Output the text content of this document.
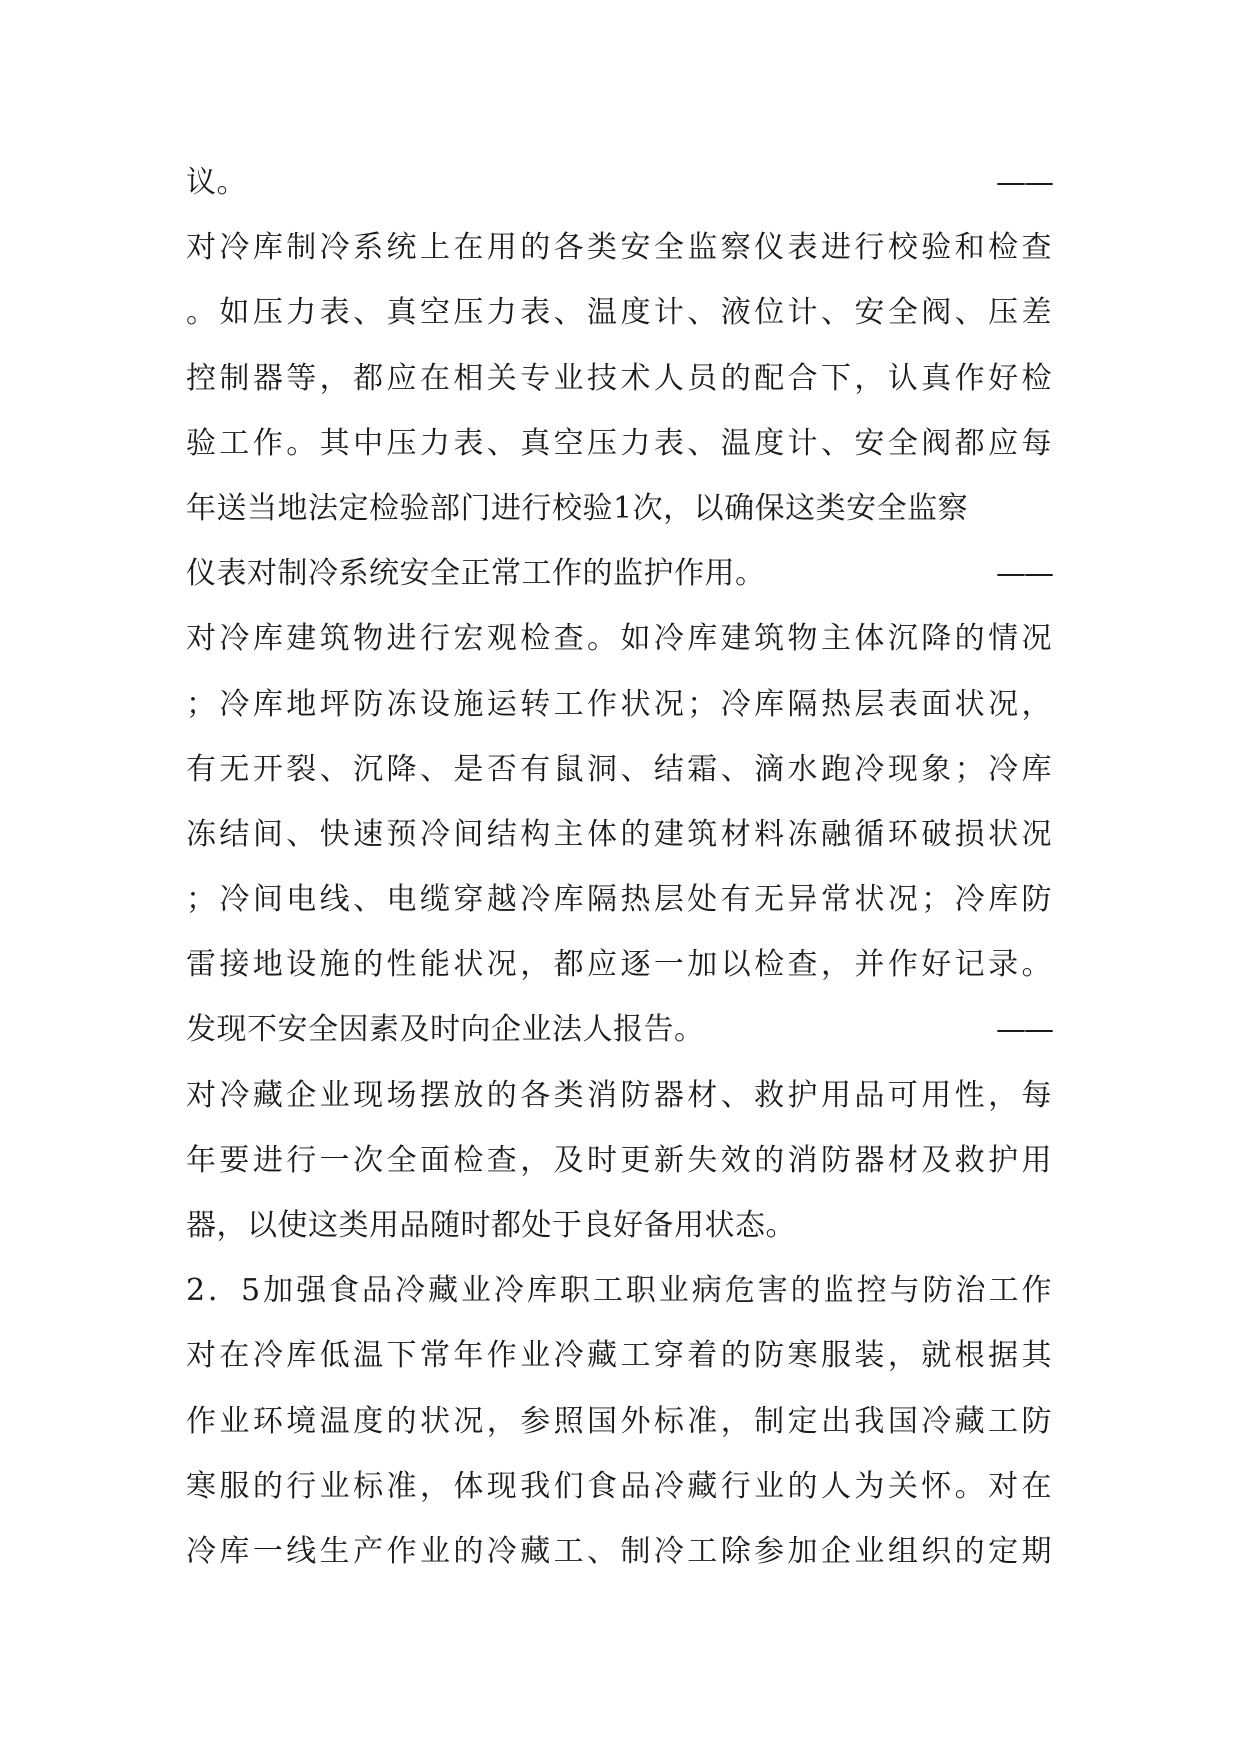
议。	——
对冷库制冷系统上在用的各类安全监察仪表进行校验和检查
。如压力表、真空压力表、温度计、液位计、安全阀、压差
控制器等，都应在相关专业技术人员的配合下，认真作好检
验工作。其中压力表、真空压力表、温度计、安全阀都应每
年送当地法定检验部门进行校验1次，以确保这类安全监察
仪表对制冷系统安全正常工作的监护作用。	——
对冷库建筑物进行宏观检查。如冷库建筑物主体沉降的情况
；冷库地坪防冻设施运转工作状况；冷库隔热层表面状况，
有无开裂、沉降、是否有鼠洞、结霜、滴水跑冷现象；冷库
冻结间、快速预冷间结构主体的建筑材料冻融循环破损状况
；冷间电线、电缆穿越冷库隔热层处有无异常状况；冷库防
雷接地设施的性能状况，都应逐一加以检查，并作好记录。
发现不安全因素及时向企业法人报告。	——
对冷藏企业现场摆放的各类消防器材、救护用品可用性，每
年要进行一次全面检查，及时更新失效的消防器材及救护用
器，以使这类用品随时都处于良好备用状态。
2．5加强食品冷藏业冷库职工职业病危害的监控与防治工作
对在冷库低温下常年作业冷藏工穿着的防寒服装，就根据其
作业环境温度的状况，参照国外标准，制定出我国冷藏工防
寒服的行业标准，体现我们食品冷藏行业的人为关怀。对在
冷库一线生产作业的冷藏工、制冷工除参加企业组织的定期
